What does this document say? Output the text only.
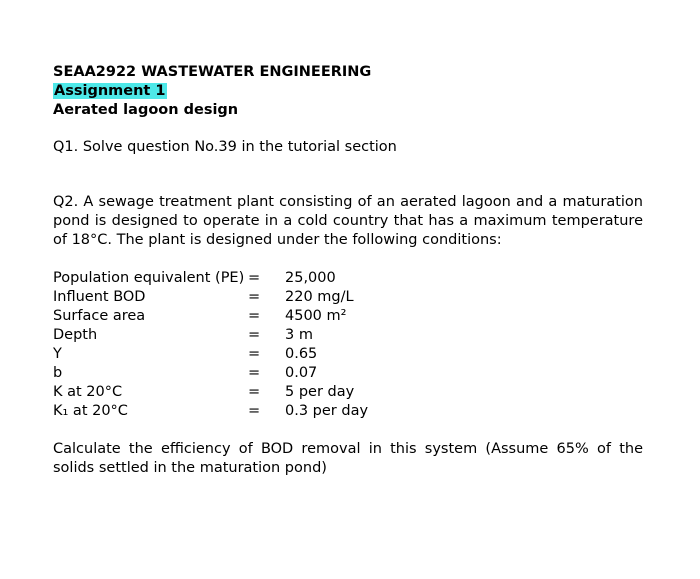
SEAA2922 WASTEWATER ENGINEERING

Assignment 1

Aerated lagoon design

Q1. Solve question No.39 in the tutorial section

Q2. A sewage treatment plant consisting of an aerated lagoon and a maturation pond is designed to operate in a cold country that has a maximum temperature of 18°C. The plant is designed under the following conditions:

Population equivalent (PE)	=	25,000
Influent BOD	=	220 mg/L
Surface area	=	4500 m²
Depth	=	3 m
Y	=	0.65
b	=	0.07
K at 20°C	=	5 per day
K₁ at 20°C	=	0.3 per day

Calculate the efficiency of BOD removal in this system (Assume 65% of the solids settled in the maturation pond)
